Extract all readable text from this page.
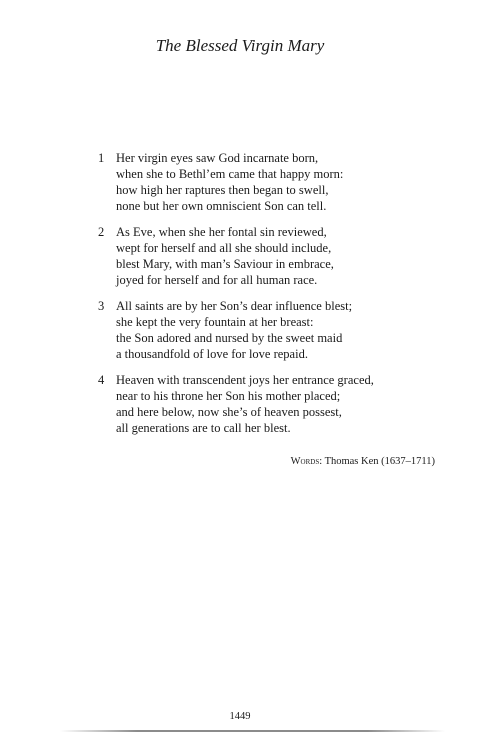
The Blessed Virgin Mary
1 Her virgin eyes saw God incarnate born,
when she to Bethl’em came that happy morn:
how high her raptures then began to swell,
none but her own omniscient Son can tell.
2 As Eve, when she her fontal sin reviewed,
wept for herself and all she should include,
blest Mary, with man’s Saviour in embrace,
joyed for herself and for all human race.
3 All saints are by her Son’s dear influence blest;
she kept the very fountain at her breast:
the Son adored and nursed by the sweet maid
a thousandfold of love for love repaid.
4 Heaven with transcendent joys her entrance graced,
near to his throne her Son his mother placed;
and here below, now she’s of heaven possest,
all generations are to call her blest.
Words: Thomas Ken (1637–1711)
1449
